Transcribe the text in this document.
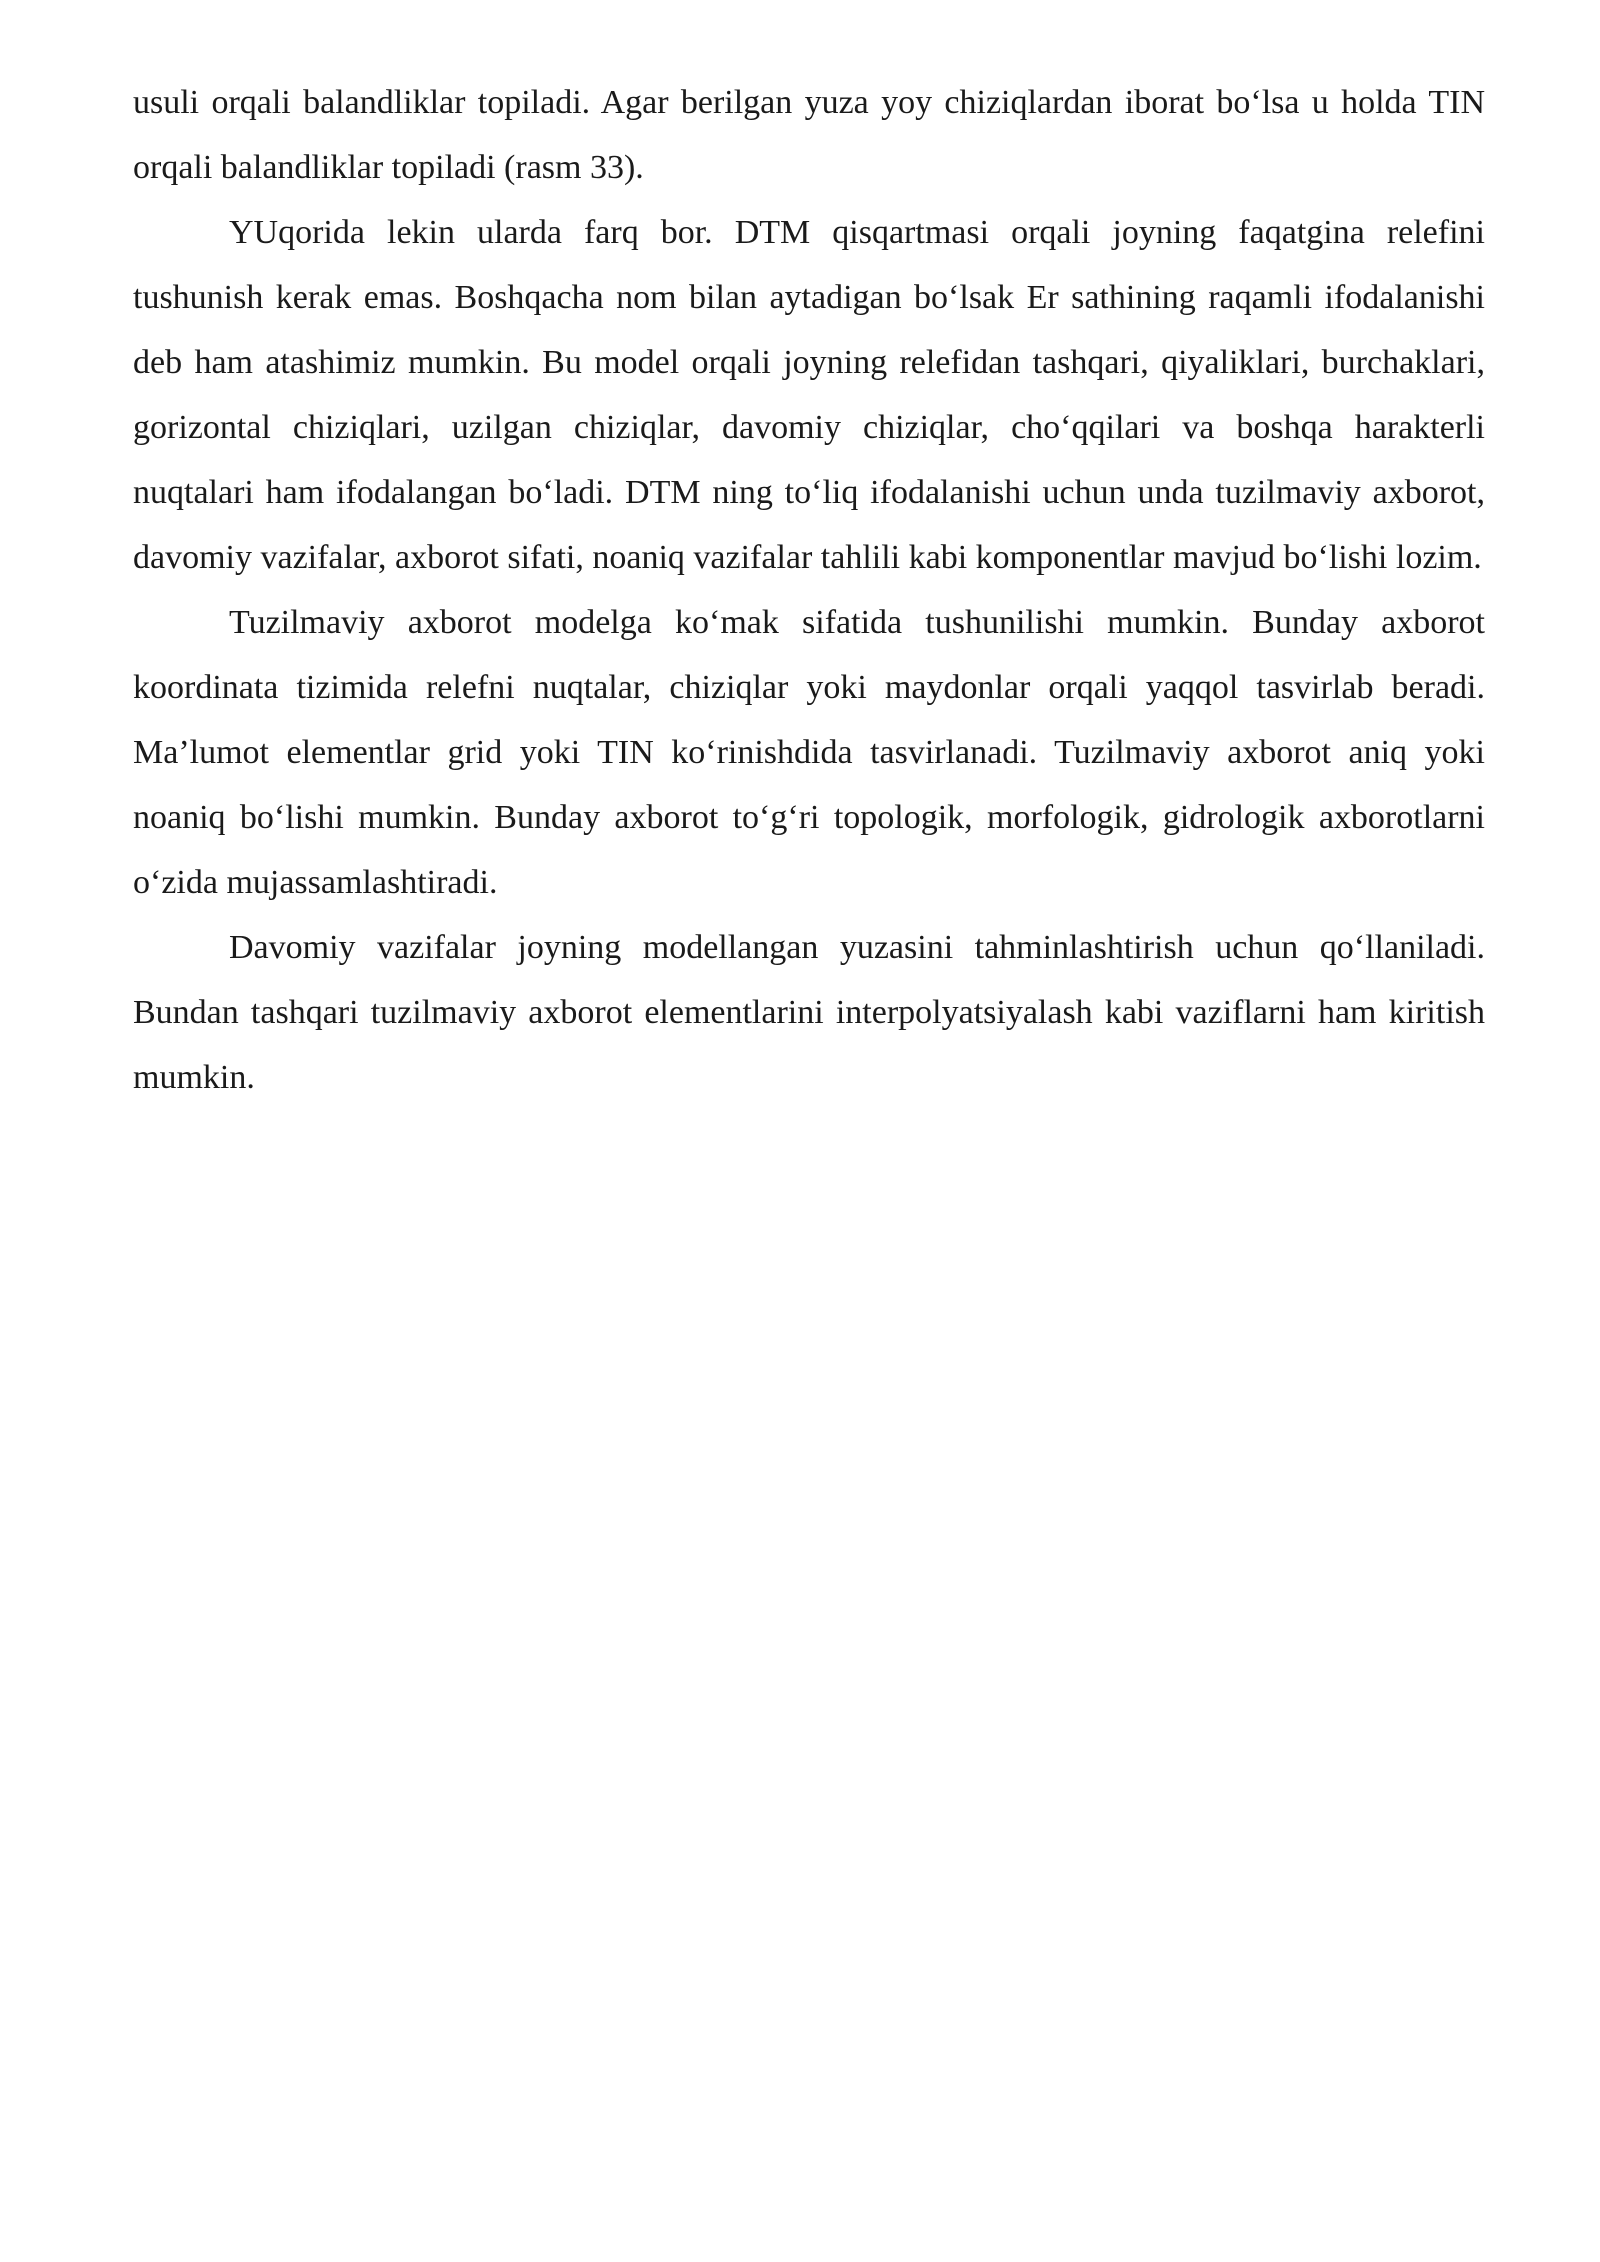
usuli orqali balandliklar topiladi. Agar berilgan yuza yoy chiziqlardan iborat bo‘lsa u holda TIN orqali balandliklar topiladi (rasm 33).

YUqorida lekin ularda farq bor. DTM qisqartmasi orqali joyning faqatgina relefini tushunish kerak emas. Boshqacha nom bilan aytadigan bo‘lsak Er sathining raqamli ifodalanishi deb ham atashimiz mumkin. Bu model orqali joyning relefidan tashqari, qiyaliklari, burchaklari, gorizontal chiziqlari, uzilgan chiziqlar, davomiy chiziqlar, cho‘qqilari va boshqa harakterli nuqtalari ham ifodalangan bo‘ladi. DTM ning to‘liq ifodalanishi uchun unda tuzilmaviy axborot, davomiy vazifalar, axborot sifati, noaniq vazifalar tahlili kabi komponentlar mavjud bo‘lishi lozim.

Tuzilmaviy axborot modelga ko‘mak sifatida tushunilishi mumkin. Bunday axborot koordinata tizimida relefni nuqtalar, chiziqlar yoki maydonlar orqali yaqqol tasvirlab beradi. Ma’lumot elementlar grid yoki TIN ko‘rinishdida tasvirlanadi. Tuzilmaviy axborot aniq yoki noaniq bo‘lishi mumkin. Bunday axborot to‘g‘ri topologik, morfologik, gidrologik axborotlarni o‘zida mujassamlashtiradi.

Davomiy vazifalar joyning modellangan yuzasini tahminlashtirish uchun qo‘llaniladi. Bundan tashqari tuzilmaviy axborot elementlarini interpolyatsiyalash kabi vaziflarni ham kiritish mumkin.
